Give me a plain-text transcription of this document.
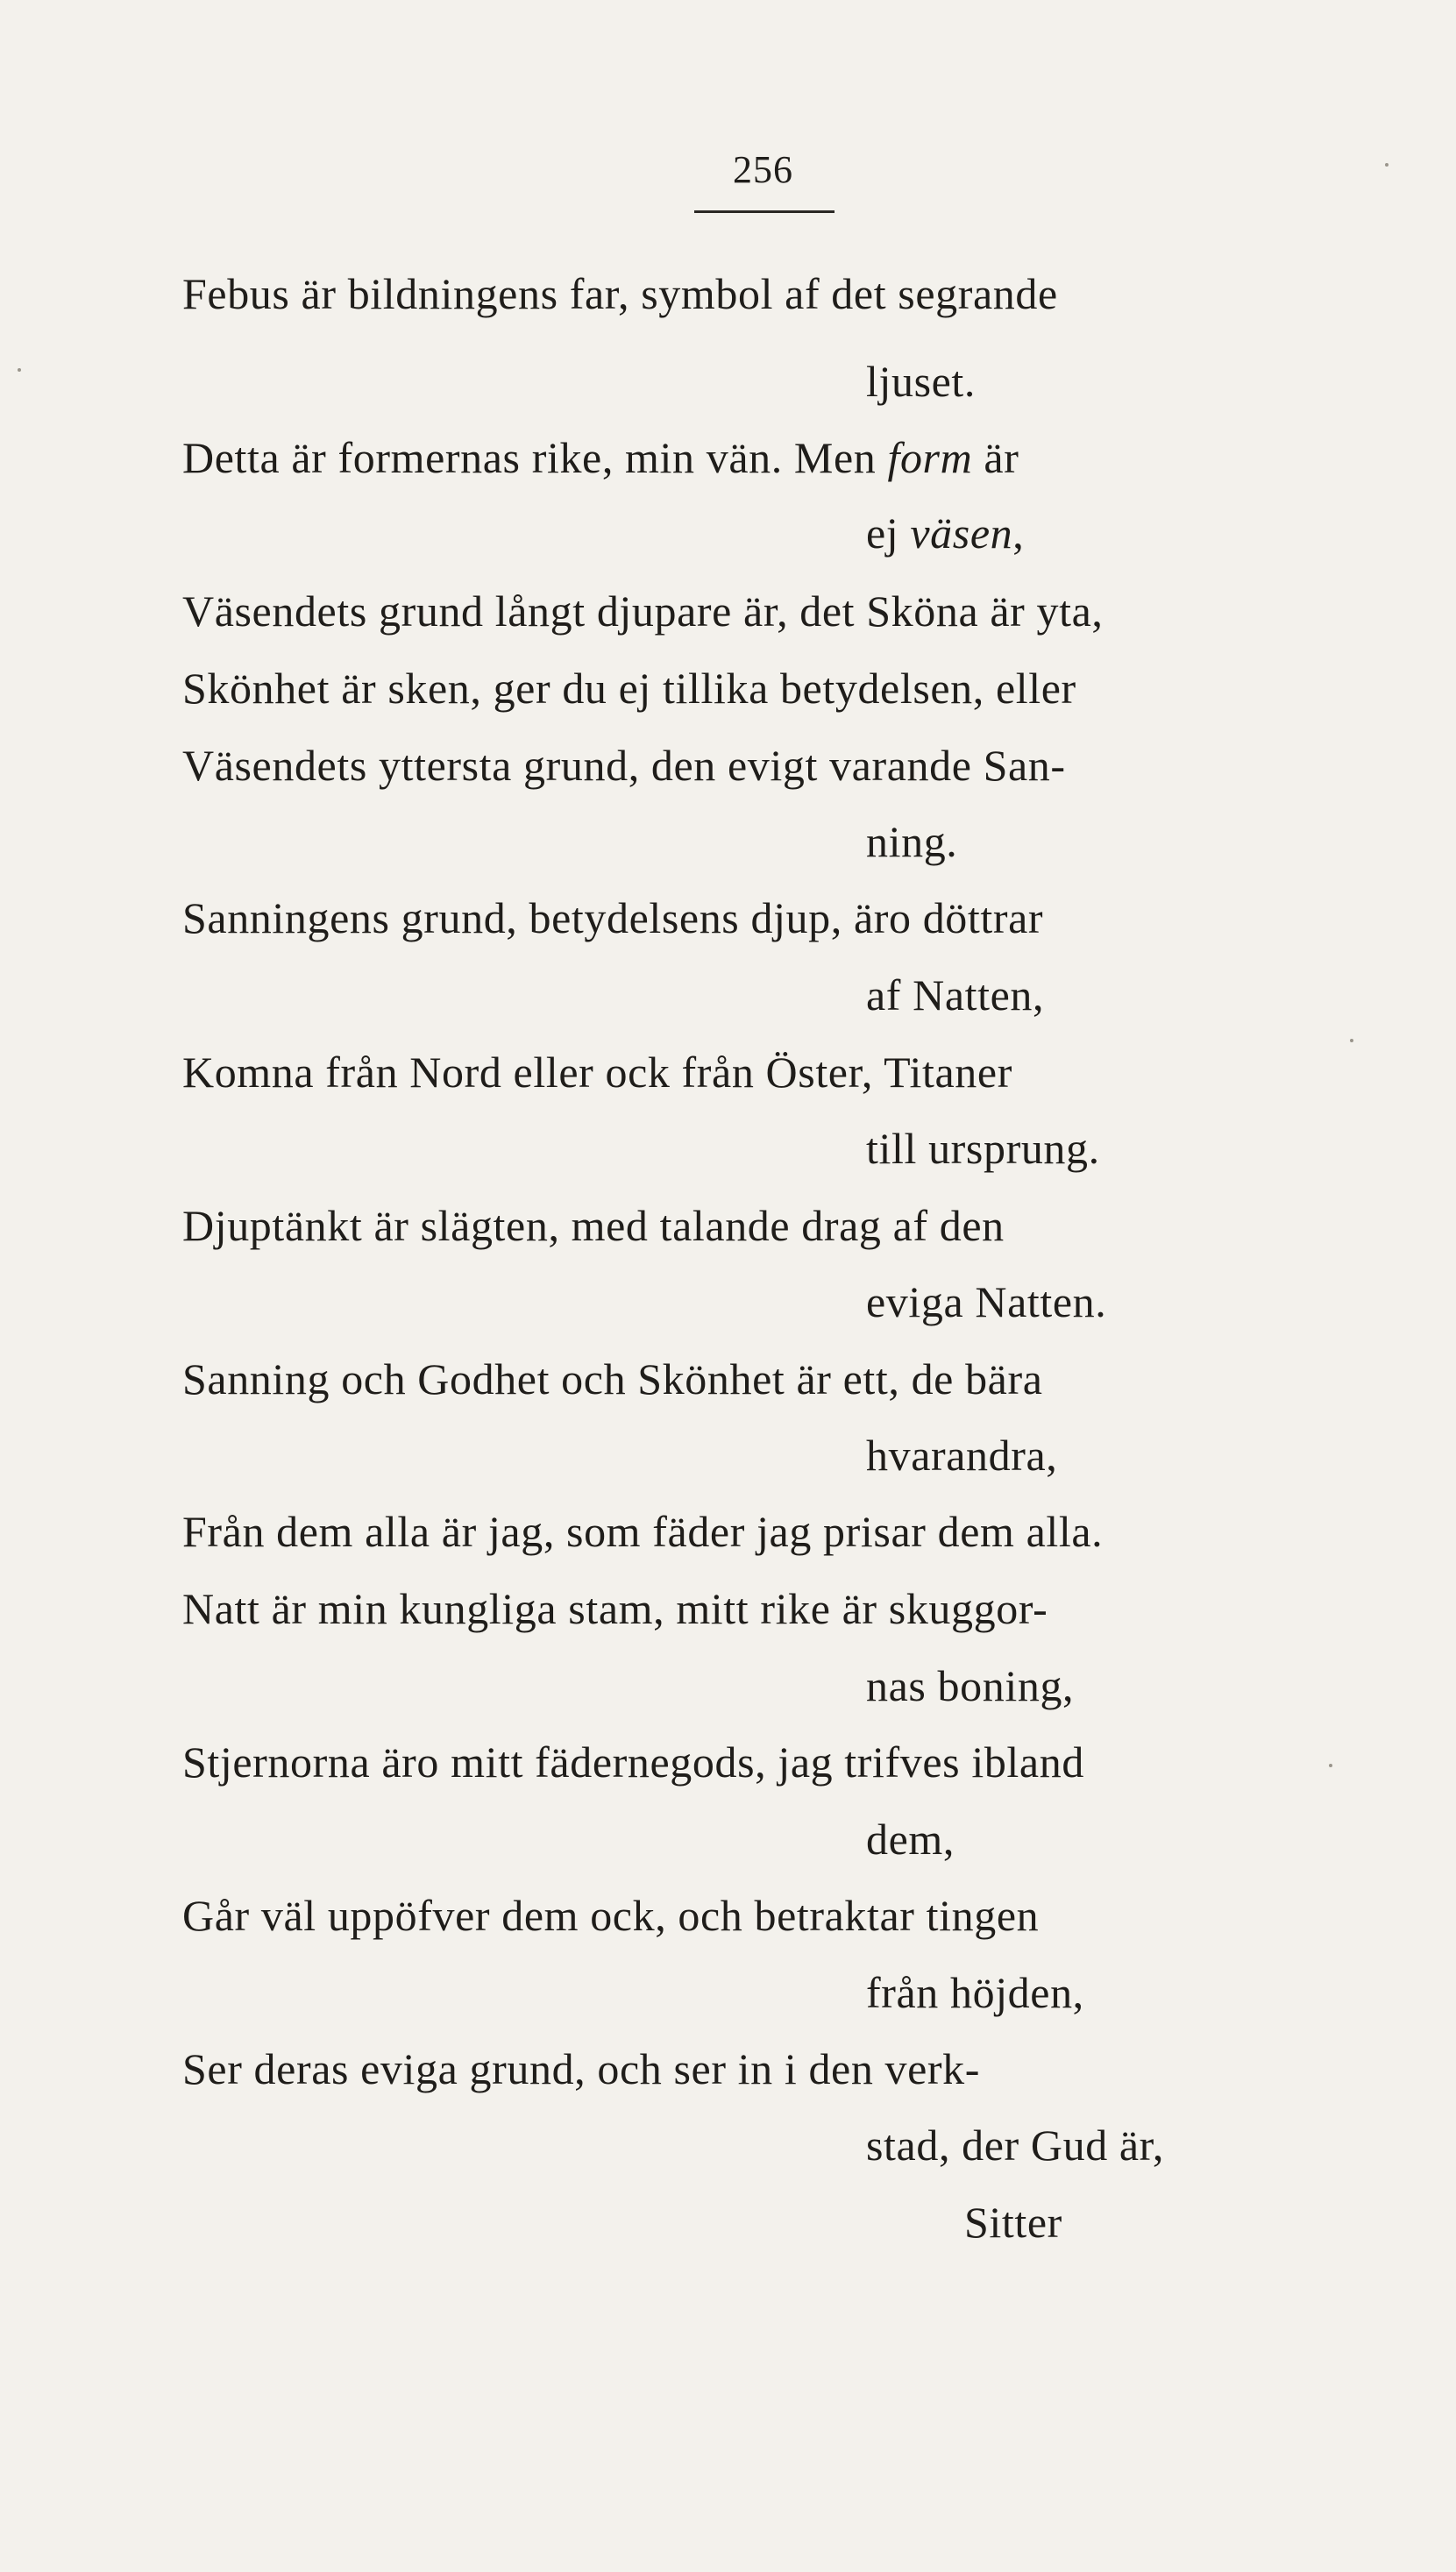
256
Febus är bildningens far, symbol af det segrande
ljuset.
Detta är formernas rike, min vän. Men form är
ej väsen,
Väsendets grund långt djupare är, det Sköna är yta,
Skönhet är sken, ger du ej tillika betydelsen, eller
Väsendets yttersta grund, den evigt varande San-
ning.
Sanningens grund, betydelsens djup, äro döttrar
af Natten,
Komna från Nord eller ock från Öster, Titaner
till ursprung.
Djuptänkt är slägten, med talande drag af den
eviga Natten.
Sanning och Godhet och Skönhet är ett, de bära
hvarandra,
Från dem alla är jag, som fäder jag prisar dem alla.
Natt är min kungliga stam, mitt rike är skuggor-
nas boning,
Stjernorna äro mitt fädernegods, jag trifves ibland
dem,
Går väl uppöfver dem ock, och betraktar tingen
från höjden,
Ser deras eviga grund, och ser in i den verk-
stad, der Gud är,
Sitter
